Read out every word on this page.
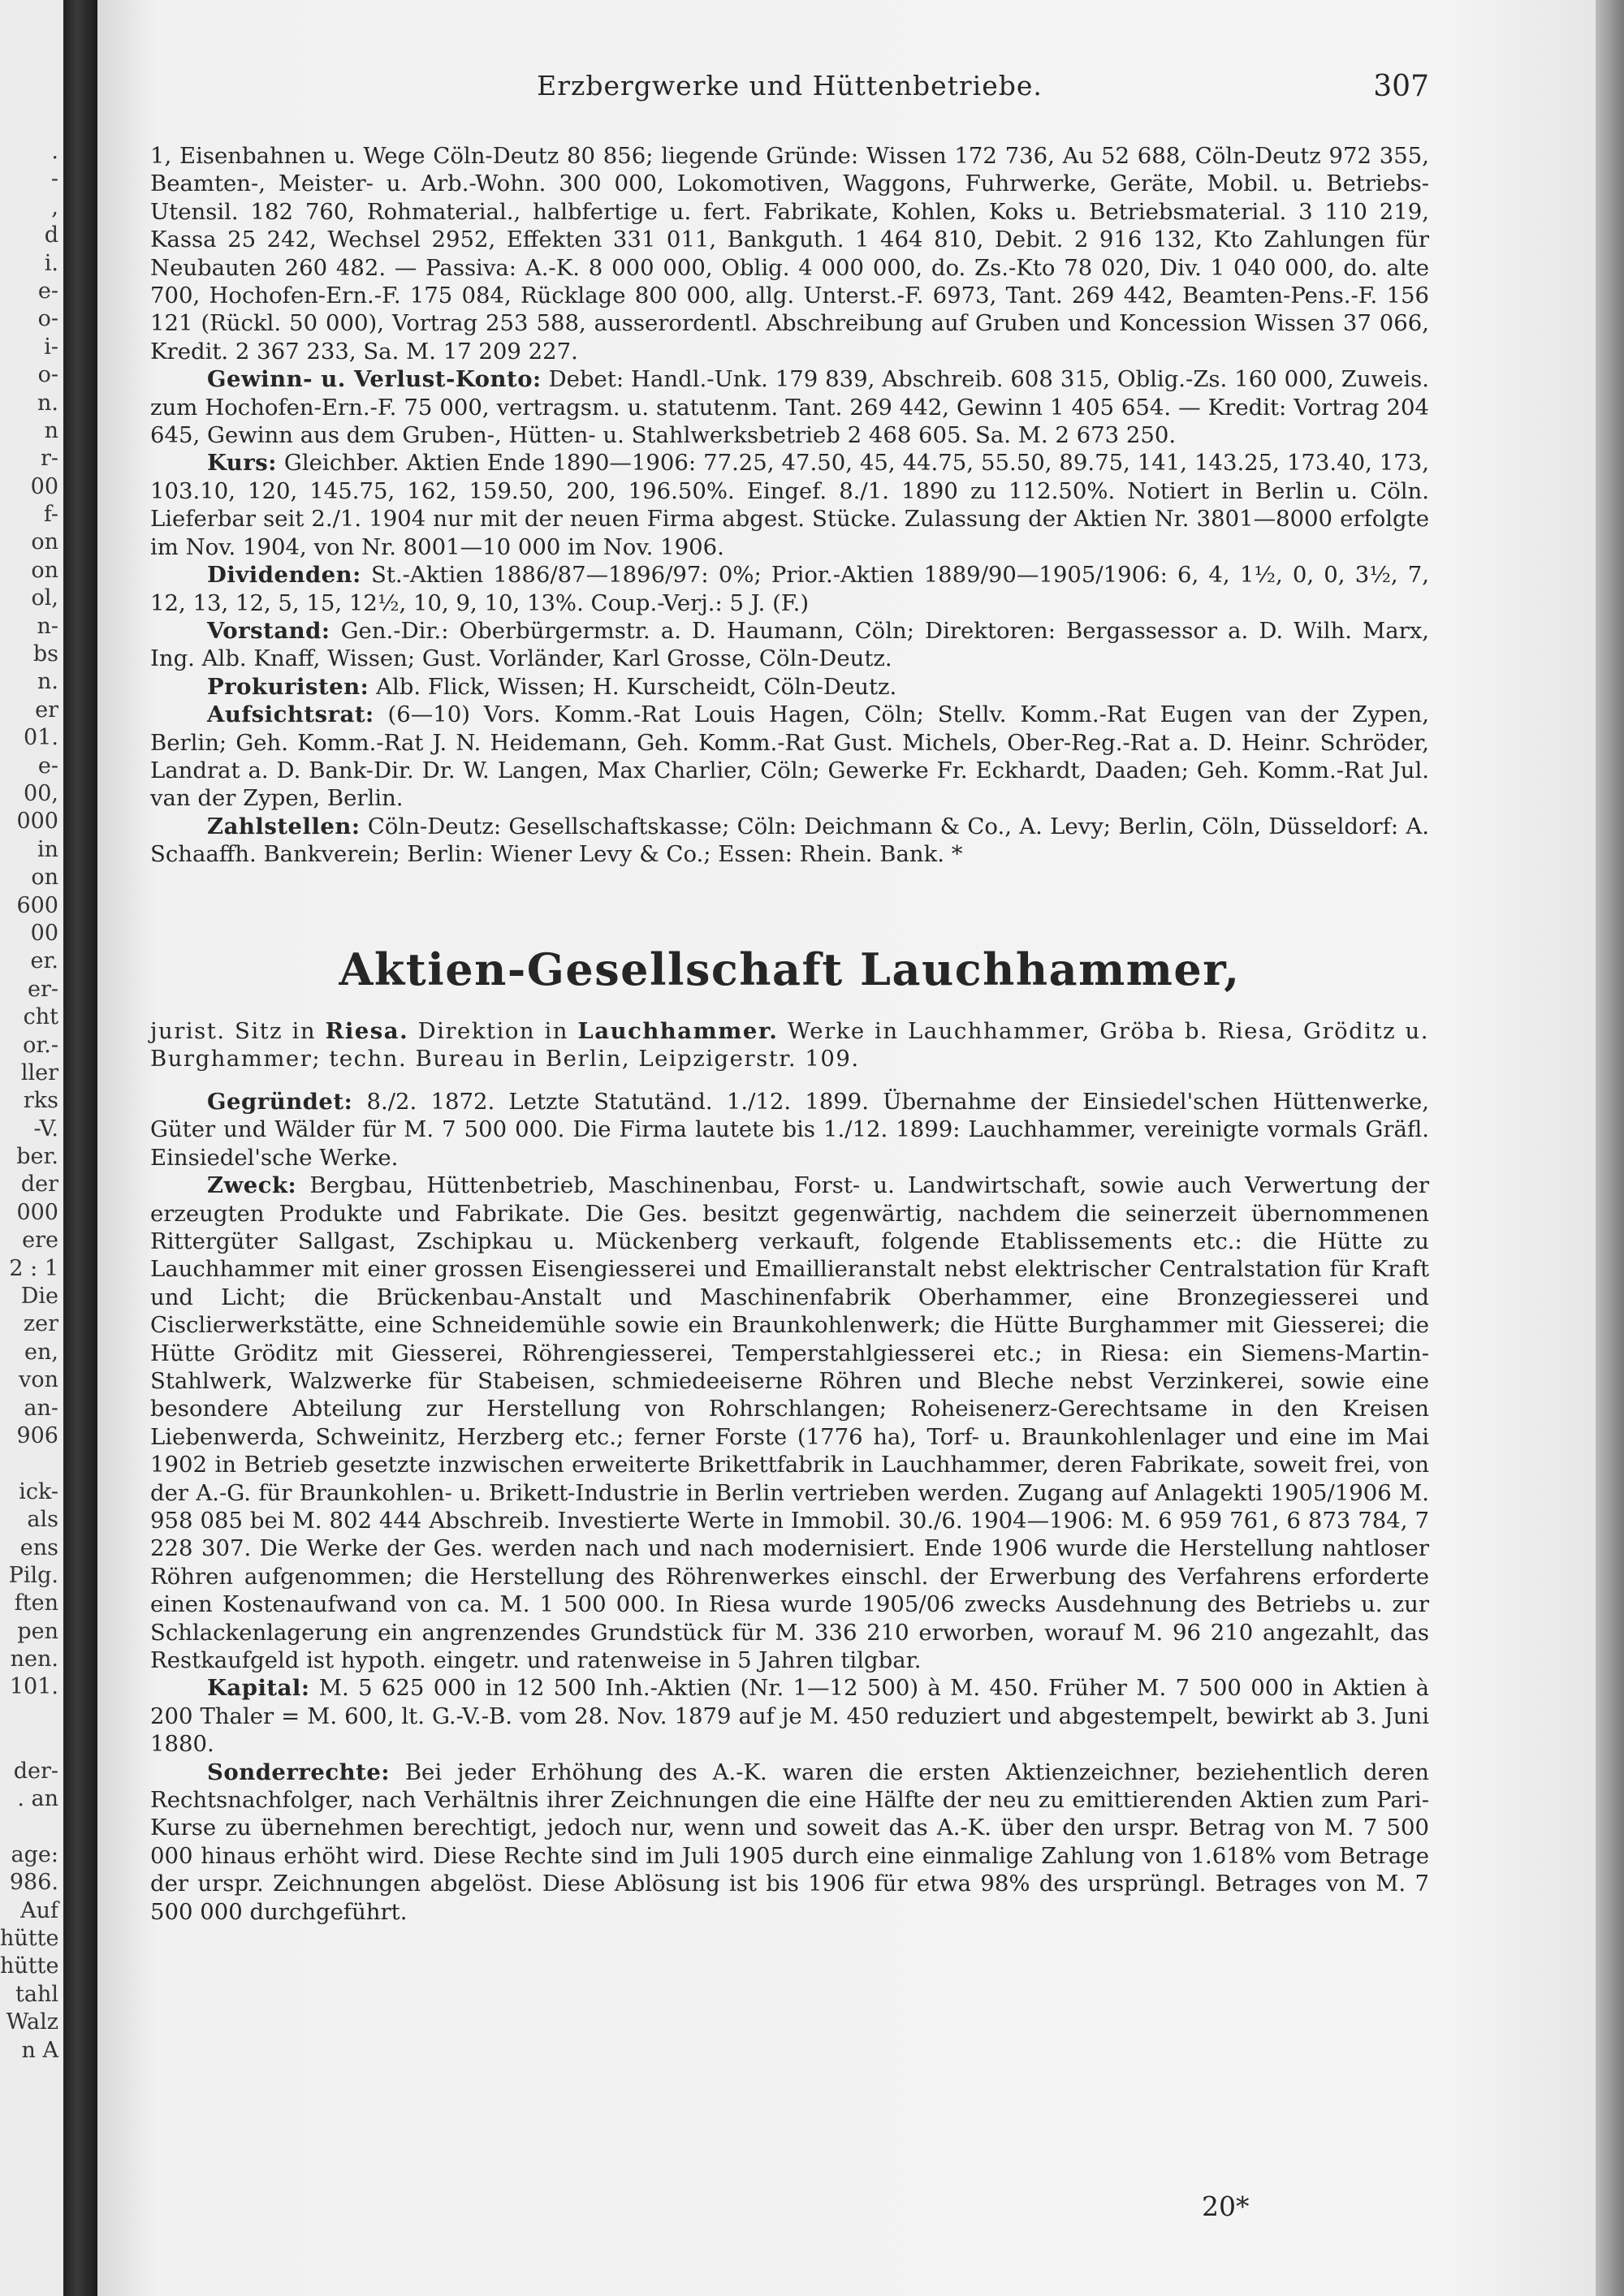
.
-
,
d
i.
e-
o-
i-
o-
n.
n
r-
00
f-
on
on
ol,
n-
bs
n.
er
01.
e-
00,
000
in
on
600
00
er.
er-
cht
or.-
ller
rks
-V.
ber.
der
000
ere
2 : 1
Die
zer
en,
von
an-
906
ick-
als
ens
Pilg.
ften
pen
nen.
101.
der-
. an
age:
986.
Auf
hütte
hütte
tahl
Walz
n A
Erzbergwerke und Hüttenbetriebe.	307

1, Eisenbahnen u. Wege Cöln-Deutz 80 856; liegende Gründe: Wissen 172 736, Au 52 688, Cöln-Deutz 972 355, Beamten-, Meister- u. Arb.-Wohn. 300 000, Lokomotiven, Waggons, Fuhrwerke, Geräte, Mobil. u. Betriebs-Utensil. 182 760, Rohmaterial., halbfertige u. fert. Fabrikate, Kohlen, Koks u. Betriebsmaterial. 3 110 219, Kassa 25 242, Wechsel 2952, Effekten 331 011, Bankguth. 1 464 810, Debit. 2 916 132, Kto Zahlungen für Neubauten 260 482. — Passiva: A.-K. 8 000 000, Oblig. 4 000 000, do. Zs.-Kto 78 020, Div. 1 040 000, do. alte 700, Hochofen-Ern.-F. 175 084, Rücklage 800 000, allg. Unterst.-F. 6973, Tant. 269 442, Beamten-Pens.-F. 156 121 (Rückl. 50 000), Vortrag 253 588, ausserordentl. Abschreibung auf Gruben und Koncession Wissen 37 066, Kredit. 2 367 233, Sa. M. 17 209 227.

Gewinn- u. Verlust-Konto: Debet: Handl.-Unk. 179 839, Abschreib. 608 315, Oblig.-Zs. 160 000, Zuweis. zum Hochofen-Ern.-F. 75 000, vertragsm. u. statutenm. Tant. 269 442, Gewinn 1 405 654. — Kredit: Vortrag 204 645, Gewinn aus dem Gruben-, Hütten- u. Stahlwerksbetrieb 2 468 605. Sa. M. 2 673 250.

Kurs: Gleichber. Aktien Ende 1890—1906: 77.25, 47.50, 45, 44.75, 55.50, 89.75, 141, 143.25, 173.40, 173, 103.10, 120, 145.75, 162, 159.50, 200, 196.50%. Eingef. 8./1. 1890 zu 112.50%. Notiert in Berlin u. Cöln. Lieferbar seit 2./1. 1904 nur mit der neuen Firma abgest. Stücke. Zulassung der Aktien Nr. 3801—8000 erfolgte im Nov. 1904, von Nr. 8001—10 000 im Nov. 1906.

Dividenden: St.-Aktien 1886/87—1896/97: 0%; Prior.-Aktien 1889/90—1905/1906: 6, 4, 1½, 0, 0, 3½, 7, 12, 13, 12, 5, 15, 12½, 10, 9, 10, 13%. Coup.-Verj.: 5 J. (F.)

Vorstand: Gen.-Dir.: Oberbürgermstr. a. D. Haumann, Cöln; Direktoren: Bergassessor a. D. Wilh. Marx, Ing. Alb. Knaff, Wissen; Gust. Vorländer, Karl Grosse, Cöln-Deutz.

Prokuristen: Alb. Flick, Wissen; H. Kurscheidt, Cöln-Deutz.

Aufsichtsrat: (6—10) Vors. Komm.-Rat Louis Hagen, Cöln; Stellv. Komm.-Rat Eugen van der Zypen, Berlin; Geh. Komm.-Rat J. N. Heidemann, Geh. Komm.-Rat Gust. Michels, Ober-Reg.-Rat a. D. Heinr. Schröder, Landrat a. D. Bank-Dir. Dr. W. Langen, Max Charlier, Cöln; Gewerke Fr. Eckhardt, Daaden; Geh. Komm.-Rat Jul. van der Zypen, Berlin.

Zahlstellen: Cöln-Deutz: Gesellschaftskasse; Cöln: Deichmann & Co., A. Levy; Berlin, Cöln, Düsseldorf: A. Schaaffh. Bankverein; Berlin: Wiener Levy & Co.; Essen: Rhein. Bank. *

Aktien-Gesellschaft Lauchhammer,

jurist. Sitz in Riesa. Direktion in Lauchhammer. Werke in Lauchhammer, Gröba b. Riesa, Gröditz u. Burghammer; techn. Bureau in Berlin, Leipzigerstr. 109.

Gegründet: 8./2. 1872. Letzte Statutänd. 1./12. 1899. Übernahme der Einsiedel'schen Hüttenwerke, Güter und Wälder für M. 7 500 000. Die Firma lautete bis 1./12. 1899: Lauchhammer, vereinigte vormals Gräfl. Einsiedel'sche Werke.

Zweck: Bergbau, Hüttenbetrieb, Maschinenbau, Forst- u. Landwirtschaft, sowie auch Verwertung der erzeugten Produkte und Fabrikate. Die Ges. besitzt gegenwärtig, nachdem die seinerzeit übernommenen Rittergüter Sallgast, Zschipkau u. Mückenberg verkauft, folgende Etablissements etc.: die Hütte zu Lauchhammer mit einer grossen Eisengiesserei und Emaillieranstalt nebst elektrischer Centralstation für Kraft und Licht; die Brückenbau-Anstalt und Maschinenfabrik Oberhammer, eine Bronzegiesserei und Cisclierwerkstätte, eine Schneidemühle sowie ein Braunkohlenwerk; die Hütte Burghammer mit Giesserei; die Hütte Gröditz mit Giesserei, Röhrengiesserei, Temperstahlgiesserei etc.; in Riesa: ein Siemens-Martin-Stahlwerk, Walzwerke für Stabeisen, schmiedeeiserne Röhren und Bleche nebst Verzinkerei, sowie eine besondere Abteilung zur Herstellung von Rohrschlangen; Roheisenerz-Gerechtsame in den Kreisen Liebenwerda, Schweinitz, Herzberg etc.; ferner Forste (1776 ha), Torf- u. Braunkohlenlager und eine im Mai 1902 in Betrieb gesetzte inzwischen erweiterte Brikettfabrik in Lauchhammer, deren Fabrikate, soweit frei, von der A.-G. für Braunkohlen- u. Brikett-Industrie in Berlin vertrieben werden. Zugang auf Anlagekti 1905/1906 M. 958 085 bei M. 802 444 Abschreib. Investierte Werte in Immobil. 30./6. 1904—1906: M. 6 959 761, 6 873 784, 7 228 307. Die Werke der Ges. werden nach und nach modernisiert. Ende 1906 wurde die Herstellung nahtloser Röhren aufgenommen; die Herstellung des Röhrenwerkes einschl. der Erwerbung des Verfahrens erforderte einen Kostenaufwand von ca. M. 1 500 000. In Riesa wurde 1905/06 zwecks Ausdehnung des Betriebs u. zur Schlackenlagerung ein angrenzendes Grundstück für M. 336 210 erworben, worauf M. 96 210 angezahlt, das Restkaufgeld ist hypoth. eingetr. und ratenweise in 5 Jahren tilgbar.

Kapital: M. 5 625 000 in 12 500 Inh.-Aktien (Nr. 1—12 500) à M. 450. Früher M. 7 500 000 in Aktien à 200 Thaler = M. 600, lt. G.-V.-B. vom 28. Nov. 1879 auf je M. 450 reduziert und abgestempelt, bewirkt ab 3. Juni 1880.

Sonderrechte: Bei jeder Erhöhung des A.-K. waren die ersten Aktienzeichner, beziehentlich deren Rechtsnachfolger, nach Verhältnis ihrer Zeichnungen die eine Hälfte der neu zu emittierenden Aktien zum Pari-Kurse zu übernehmen berechtigt, jedoch nur, wenn und soweit das A.-K. über den urspr. Betrag von M. 7 500 000 hinaus erhöht wird. Diese Rechte sind im Juli 1905 durch eine einmalige Zahlung von 1.618% vom Betrage der urspr. Zeichnungen abgelöst. Diese Ablösung ist bis 1906 für etwa 98% des ursprüngl. Betrages von M. 7 500 000 durchgeführt.

20*
